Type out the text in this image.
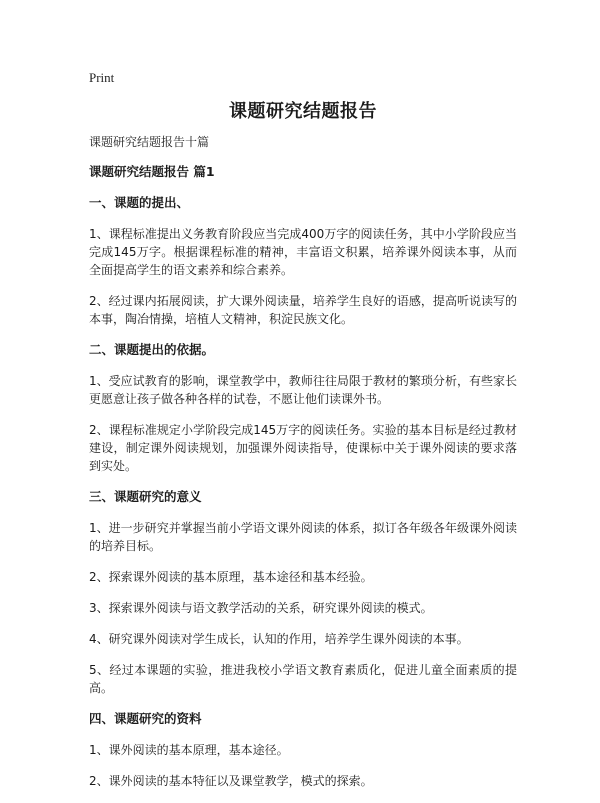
Print
课题研究结题报告

课题研究结题报告十篇

课题研究结题报告 篇1

一、课题的提出、

1、课程标准提出义务教育阶段应当完成400万字的阅读任务，其中小学阶段应当完成145万字。根据课程标准的精神，丰富语文积累，培养课外阅读本事，从而全面提高学生的语文素养和综合素养。

2、经过课内拓展阅读，扩大课外阅读量，培养学生良好的语感，提高听说读写的本事，陶冶情操，培植人文精神，积淀民族文化。

二、课题提出的依据。

1、受应试教育的影响，课堂教学中，教师往往局限于教材的繁琐分析，有些家长更愿意让孩子做各种各样的试卷，不愿让他们读课外书。

2、课程标准规定小学阶段完成145万字的阅读任务。实验的基本目标是经过教材建设，制定课外阅读规划，加强课外阅读指导，使课标中关于课外阅读的要求落到实处。

三、课题研究的意义

1、进一步研究并掌握当前小学语文课外阅读的体系，拟订各年级各年级课外阅读的培养目标。

2、探索课外阅读的基本原理，基本途径和基本经验。

3、探索课外阅读与语文教学活动的关系，研究课外阅读的模式。

4、研究课外阅读对学生成长，认知的作用，培养学生课外阅读的本事。

5、经过本课题的实验，推进我校小学语文教育素质化，促进儿童全面素质的提高。

四、课题研究的资料

1、课外阅读的基本原理，基本途径。

2、课外阅读的基本特征以及课堂教学，模式的探索。
